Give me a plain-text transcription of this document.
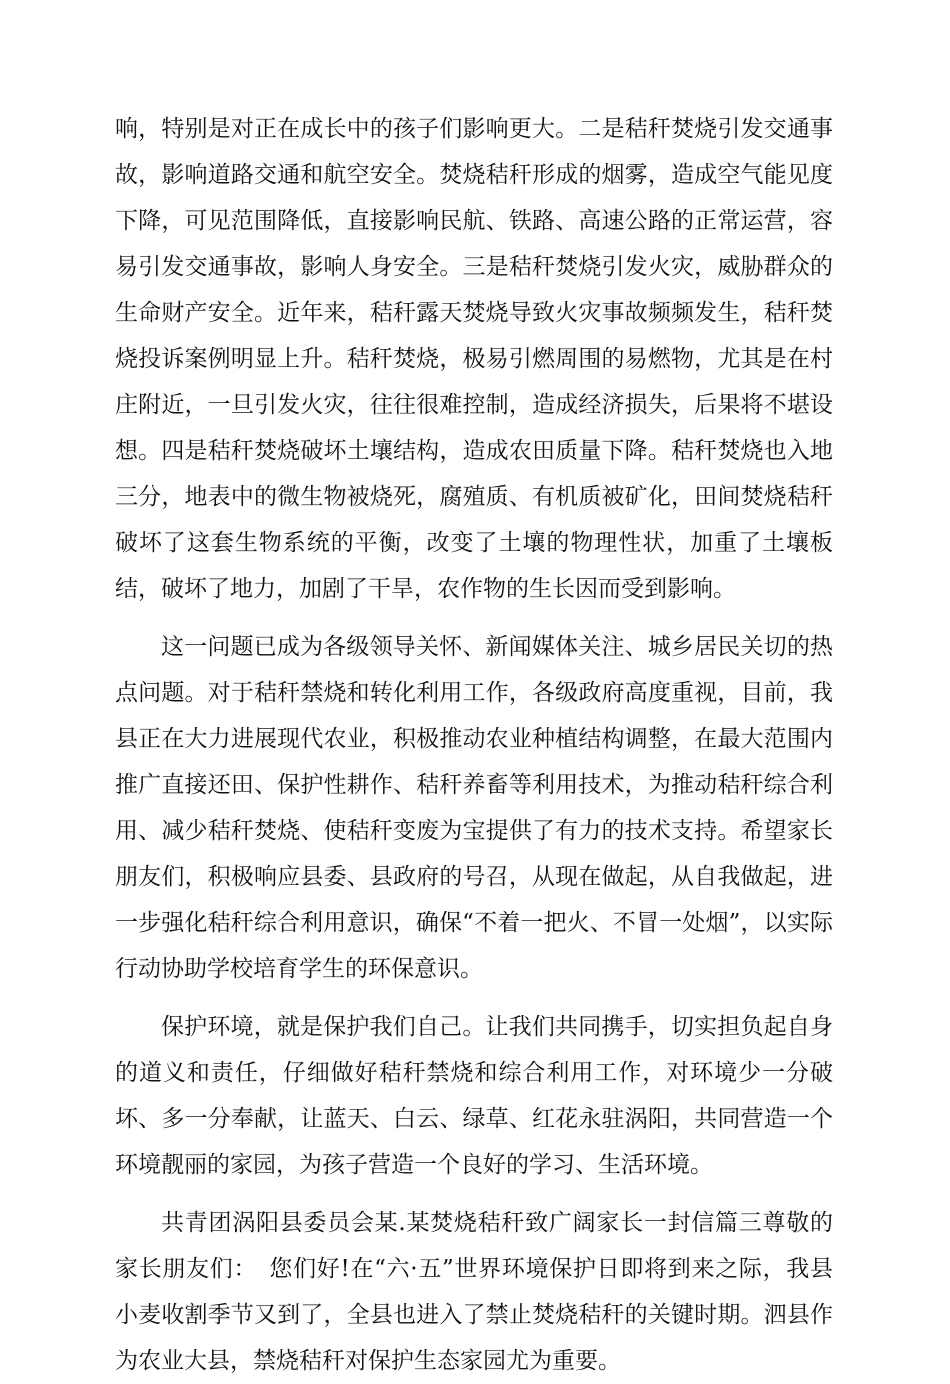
响，特别是对正在成长中的孩子们影响更大。二是秸秆焚烧引发交通事故，影响道路交通和航空安全。焚烧秸秆形成的烟雾，造成空气能见度下降，可见范围降低，直接影响民航、铁路、高速公路的正常运营，容易引发交通事故，影响人身安全。三是秸秆焚烧引发火灾，威胁群众的生命财产安全。近年来，秸秆露天焚烧导致火灾事故频频发生，秸秆焚烧投诉案例明显上升。秸秆焚烧，极易引燃周围的易燃物，尤其是在村庄附近，一旦引发火灾，往往很难控制，造成经济损失，后果将不堪设想。四是秸秆焚烧破坏土壤结构，造成农田质量下降。秸秆焚烧也入地三分，地表中的微生物被烧死，腐殖质、有机质被矿化，田间焚烧秸秆破坏了这套生物系统的平衡，改变了土壤的物理性状，加重了土壤板结，破坏了地力，加剧了干旱，农作物的生长因而受到影响。

这一问题已成为各级领导关怀、新闻媒体关注、城乡居民关切的热点问题。对于秸秆禁烧和转化利用工作，各级政府高度重视，目前，我县正在大力进展现代农业，积极推动农业种植结构调整，在最大范围内推广直接还田、保护性耕作、秸秆养畜等利用技术，为推动秸秆综合利用、减少秸秆焚烧、使秸秆变废为宝提供了有力的技术支持。希望家长朋友们，积极响应县委、县政府的号召，从现在做起，从自我做起，进一步强化秸秆综合利用意识，确保“不着一把火、不冒一处烟”，以实际行动协助学校培育学生的环保意识。

保护环境，就是保护我们自己。让我们共同携手，切实担负起自身的道义和责任，仔细做好秸秆禁烧和综合利用工作，对环境少一分破坏、多一分奉献，让蓝天、白云、绿草、红花永驻涡阳，共同营造一个环境靓丽的家园，为孩子营造一个良好的学习、生活环境。

共青团涡阳县委员会某.某焚烧秸秆致广阔家长一封信篇三尊敬的家长朋友们：　您们好!在“六·五”世界环境保护日即将到来之际，我县小麦收割季节又到了，全县也进入了禁止焚烧秸秆的关键时期。泗县作为农业大县，禁烧秸秆对保护生态家园尤为重要。
